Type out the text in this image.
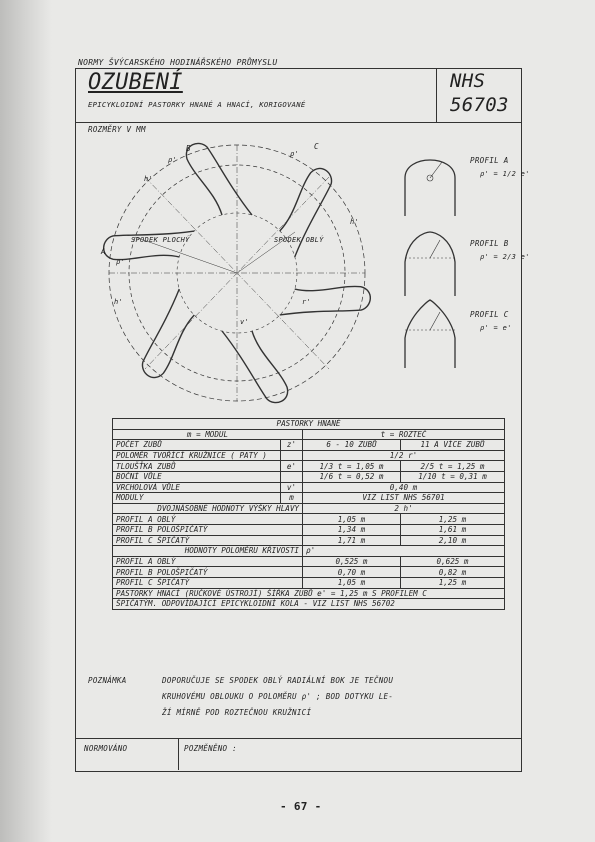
NORMY ŠVÝCARSKÉHO HODINÁŘSKÉHO PRŮMYSLU
OZUBENÍ
EPICYKLOIDNÍ PASTORKY HNANÉ A HNACÍ, KORIGOVANÉ
NHS
56703
ROZMĚRY V MM
B	C
A
SPODEK PLOCHÝ	SPODEK OBLÝ
ρ'
ρ'
ρ'
h'
h'
h'	r'
v'
PROFIL A
ρ' = 1/2 e'
PROFIL B
ρ' = 2/3 e'
PROFIL C
ρ' = e'
PASTORKY HNANÉ			
m = MODUL		t = ROZTEČ	
POČET ZUBŮ	z'	6 - 10 ZUBŮ	11 A VÍCE ZUBŮ
POLOMĚR TVOŘÍCÍ KRUŽNICE ( PATY )		1/2 r'	
TLOUŠŤKA ZUBŮ	e'	1/3 t = 1,05 m	2/5 t = 1,25 m
BOČNÍ VŮLE		1/6 t = 0,52 m	1/10 t = 0,31 m
VRCHOLOVÁ VŮLE	v'	0,40 m	
MODULY	m	VIZ LIST NHS 56701	
DVOJNÁSOBNÉ HODNOTY VÝŠKY HLAVY		2 h'	
PROFIL A OBLÝ		1,05 m	1,25 m
PROFIL B POLOŠPIČATÝ		1,34 m	1,61 m
PROFIL C ŠPIČATÝ		1,71 m	2,10 m
HODNOTY POLOMĚRU KŘIVOSTI		ρ'	
PROFIL A OBLÝ		0,525 m	0,625 m
PROFIL B POLOŠPIČATÝ		0,70 m	0,82 m
PROFIL C ŠPIČATÝ		1,05 m	1,25 m
PASTORKY HNACÍ (RUČKOVÉ ÚSTROJÍ) ŠÍŘKA ZUBŮ e' = 1,25 m S PROFILEM C			
ŠPIČATÝM. ODPOVÍDAJÍCÍ EPICYKLOIDNÍ KOLA - VIZ LIST NHS 56702			
POZNÁMKA	DOPORUČUJE SE SPODEK OBLÝ RADIÁLNÍ BOK JE TEČNOU
KRUHOVÉMU OBLOUKU O POLOMĚRU ρ' ; BOD DOTYKU LE-
ŽÍ MÍRNĚ POD ROZTEČNOU KRUŽNICÍ
NORMOVÁNO	POZMĚNĚNO :
- 67 -
